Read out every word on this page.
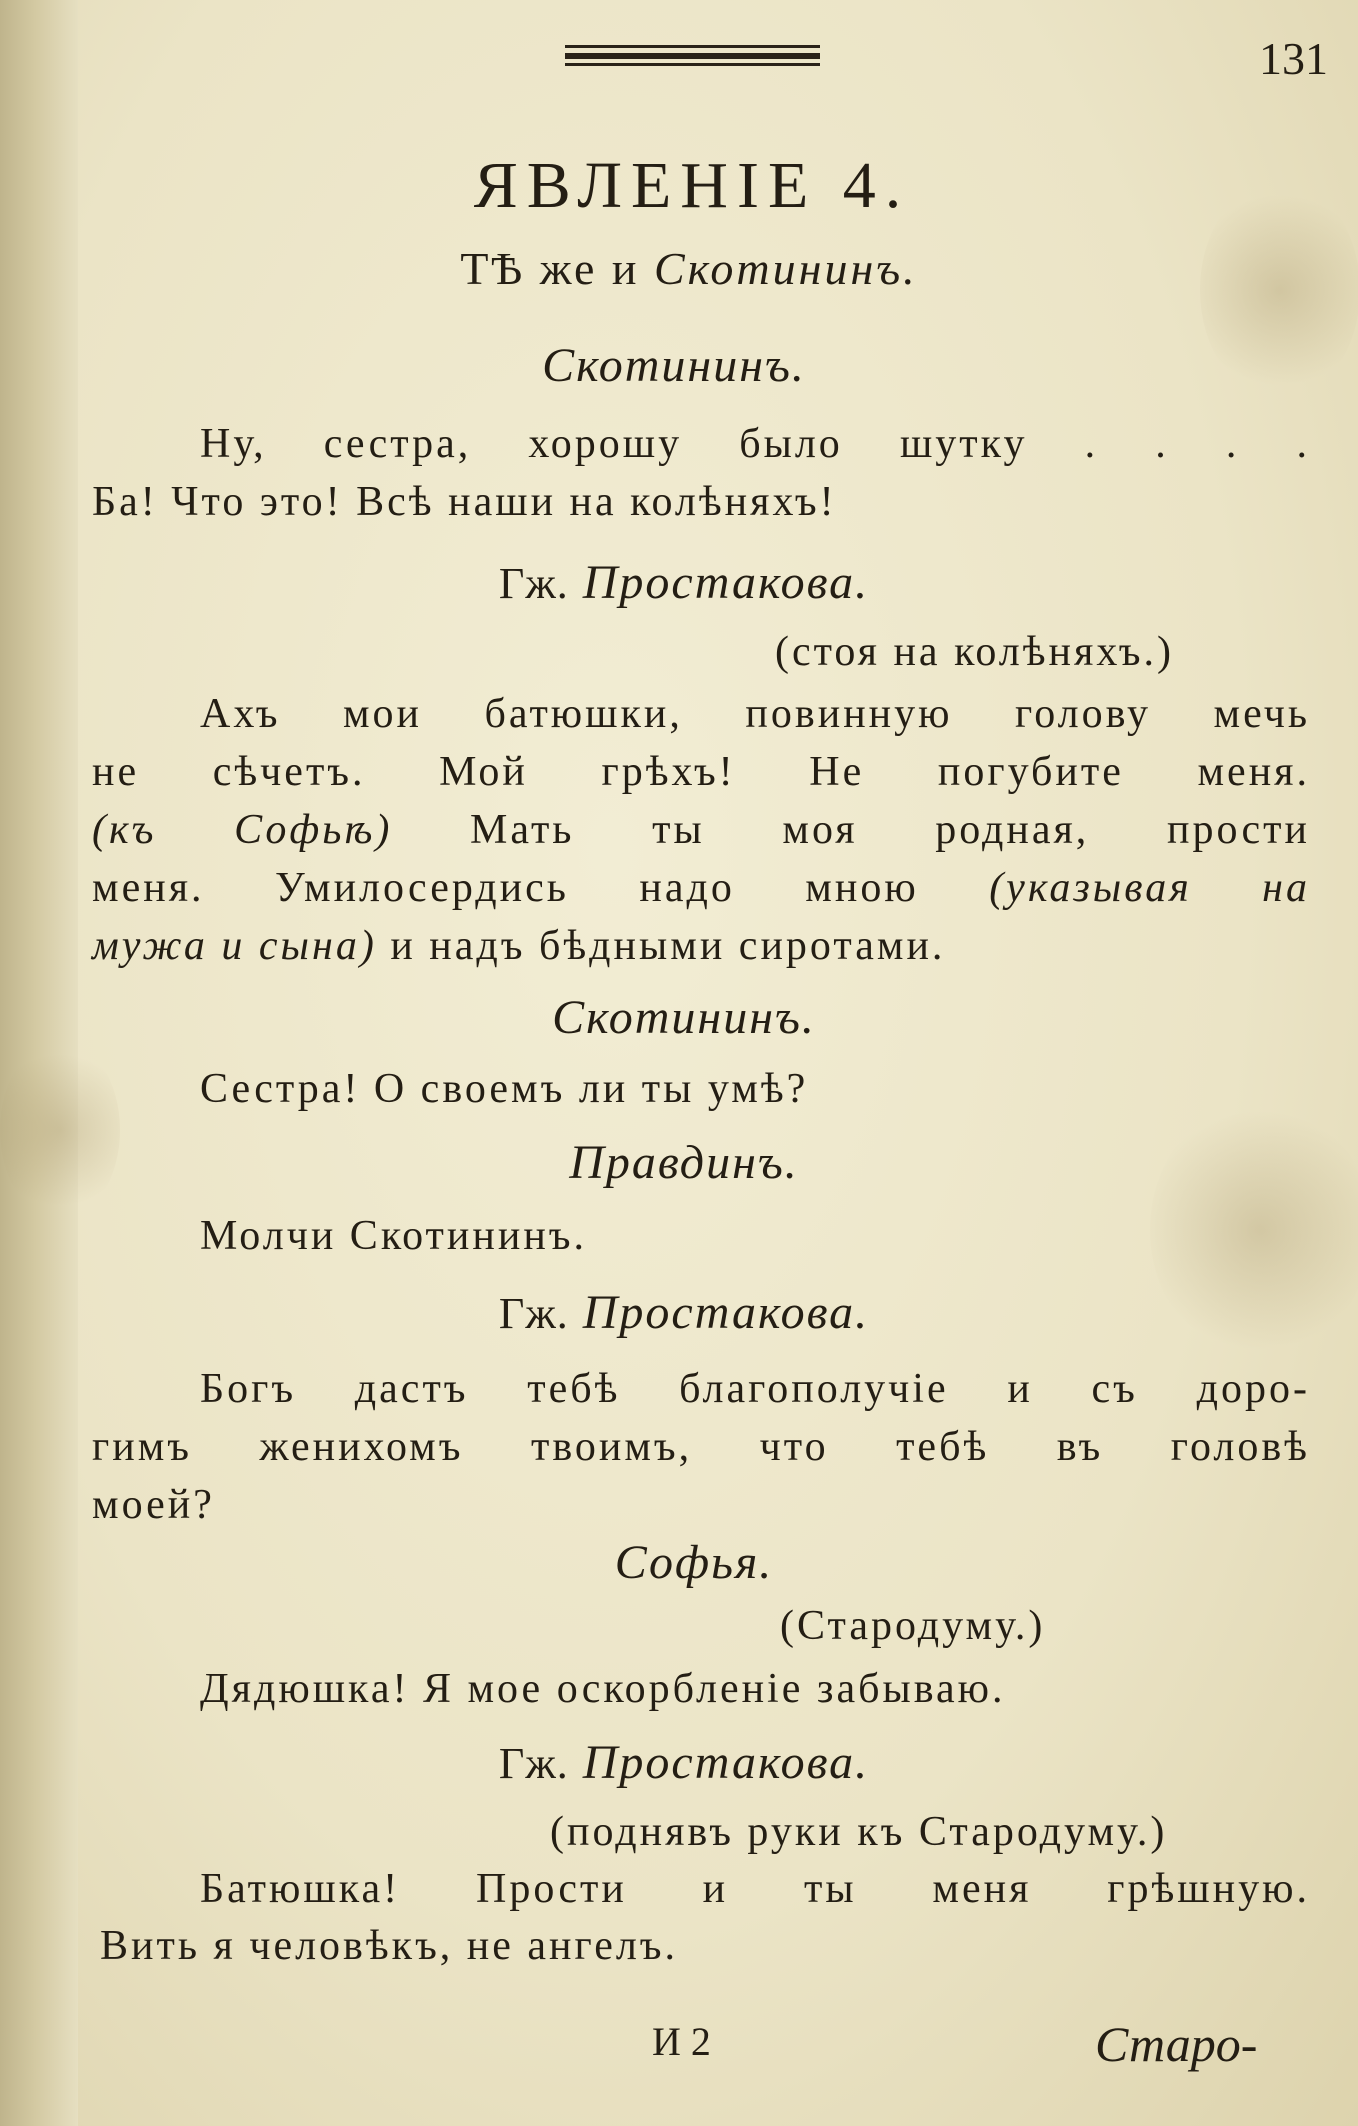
131
ЯВЛЕНІЕ 4.
ТѢ же и Скотининъ.
Скотининъ.
Ну, сестра, хорошу было шутку . . . .
Ба! Что это! Всѣ наши на колѣняхъ!
Гж. Простакова.
(стоя на колѣняхъ.)
Ахъ мои батюшки, повинную голову мечь
не сѣчетъ. Мой грѣхъ! Не погубите меня.
(къ Софьѣ) Мать ты моя родная, прости
меня. Умилосердись надо мною (указывая на
мужа и сына) и надъ бѣдными сиротами.
Скотининъ.
Сестра! О своемъ ли ты умѣ?
Правдинъ.
Молчи Скотининъ.
Гж. Простакова.
Богъ дастъ тебѣ благополучіе и съ доро-
гимъ женихомъ твоимъ, что тебѣ въ головѣ
моей?
Софья.
(Стародуму.)
Дядюшка! Я мое оскорбленіе забываю.
Гж. Простакова.
(поднявъ руки къ Стародуму.)
Батюшка! Прости и ты меня грѣшную.
Вить я человѣкъ, не ангелъ.
И 2	Старо-
